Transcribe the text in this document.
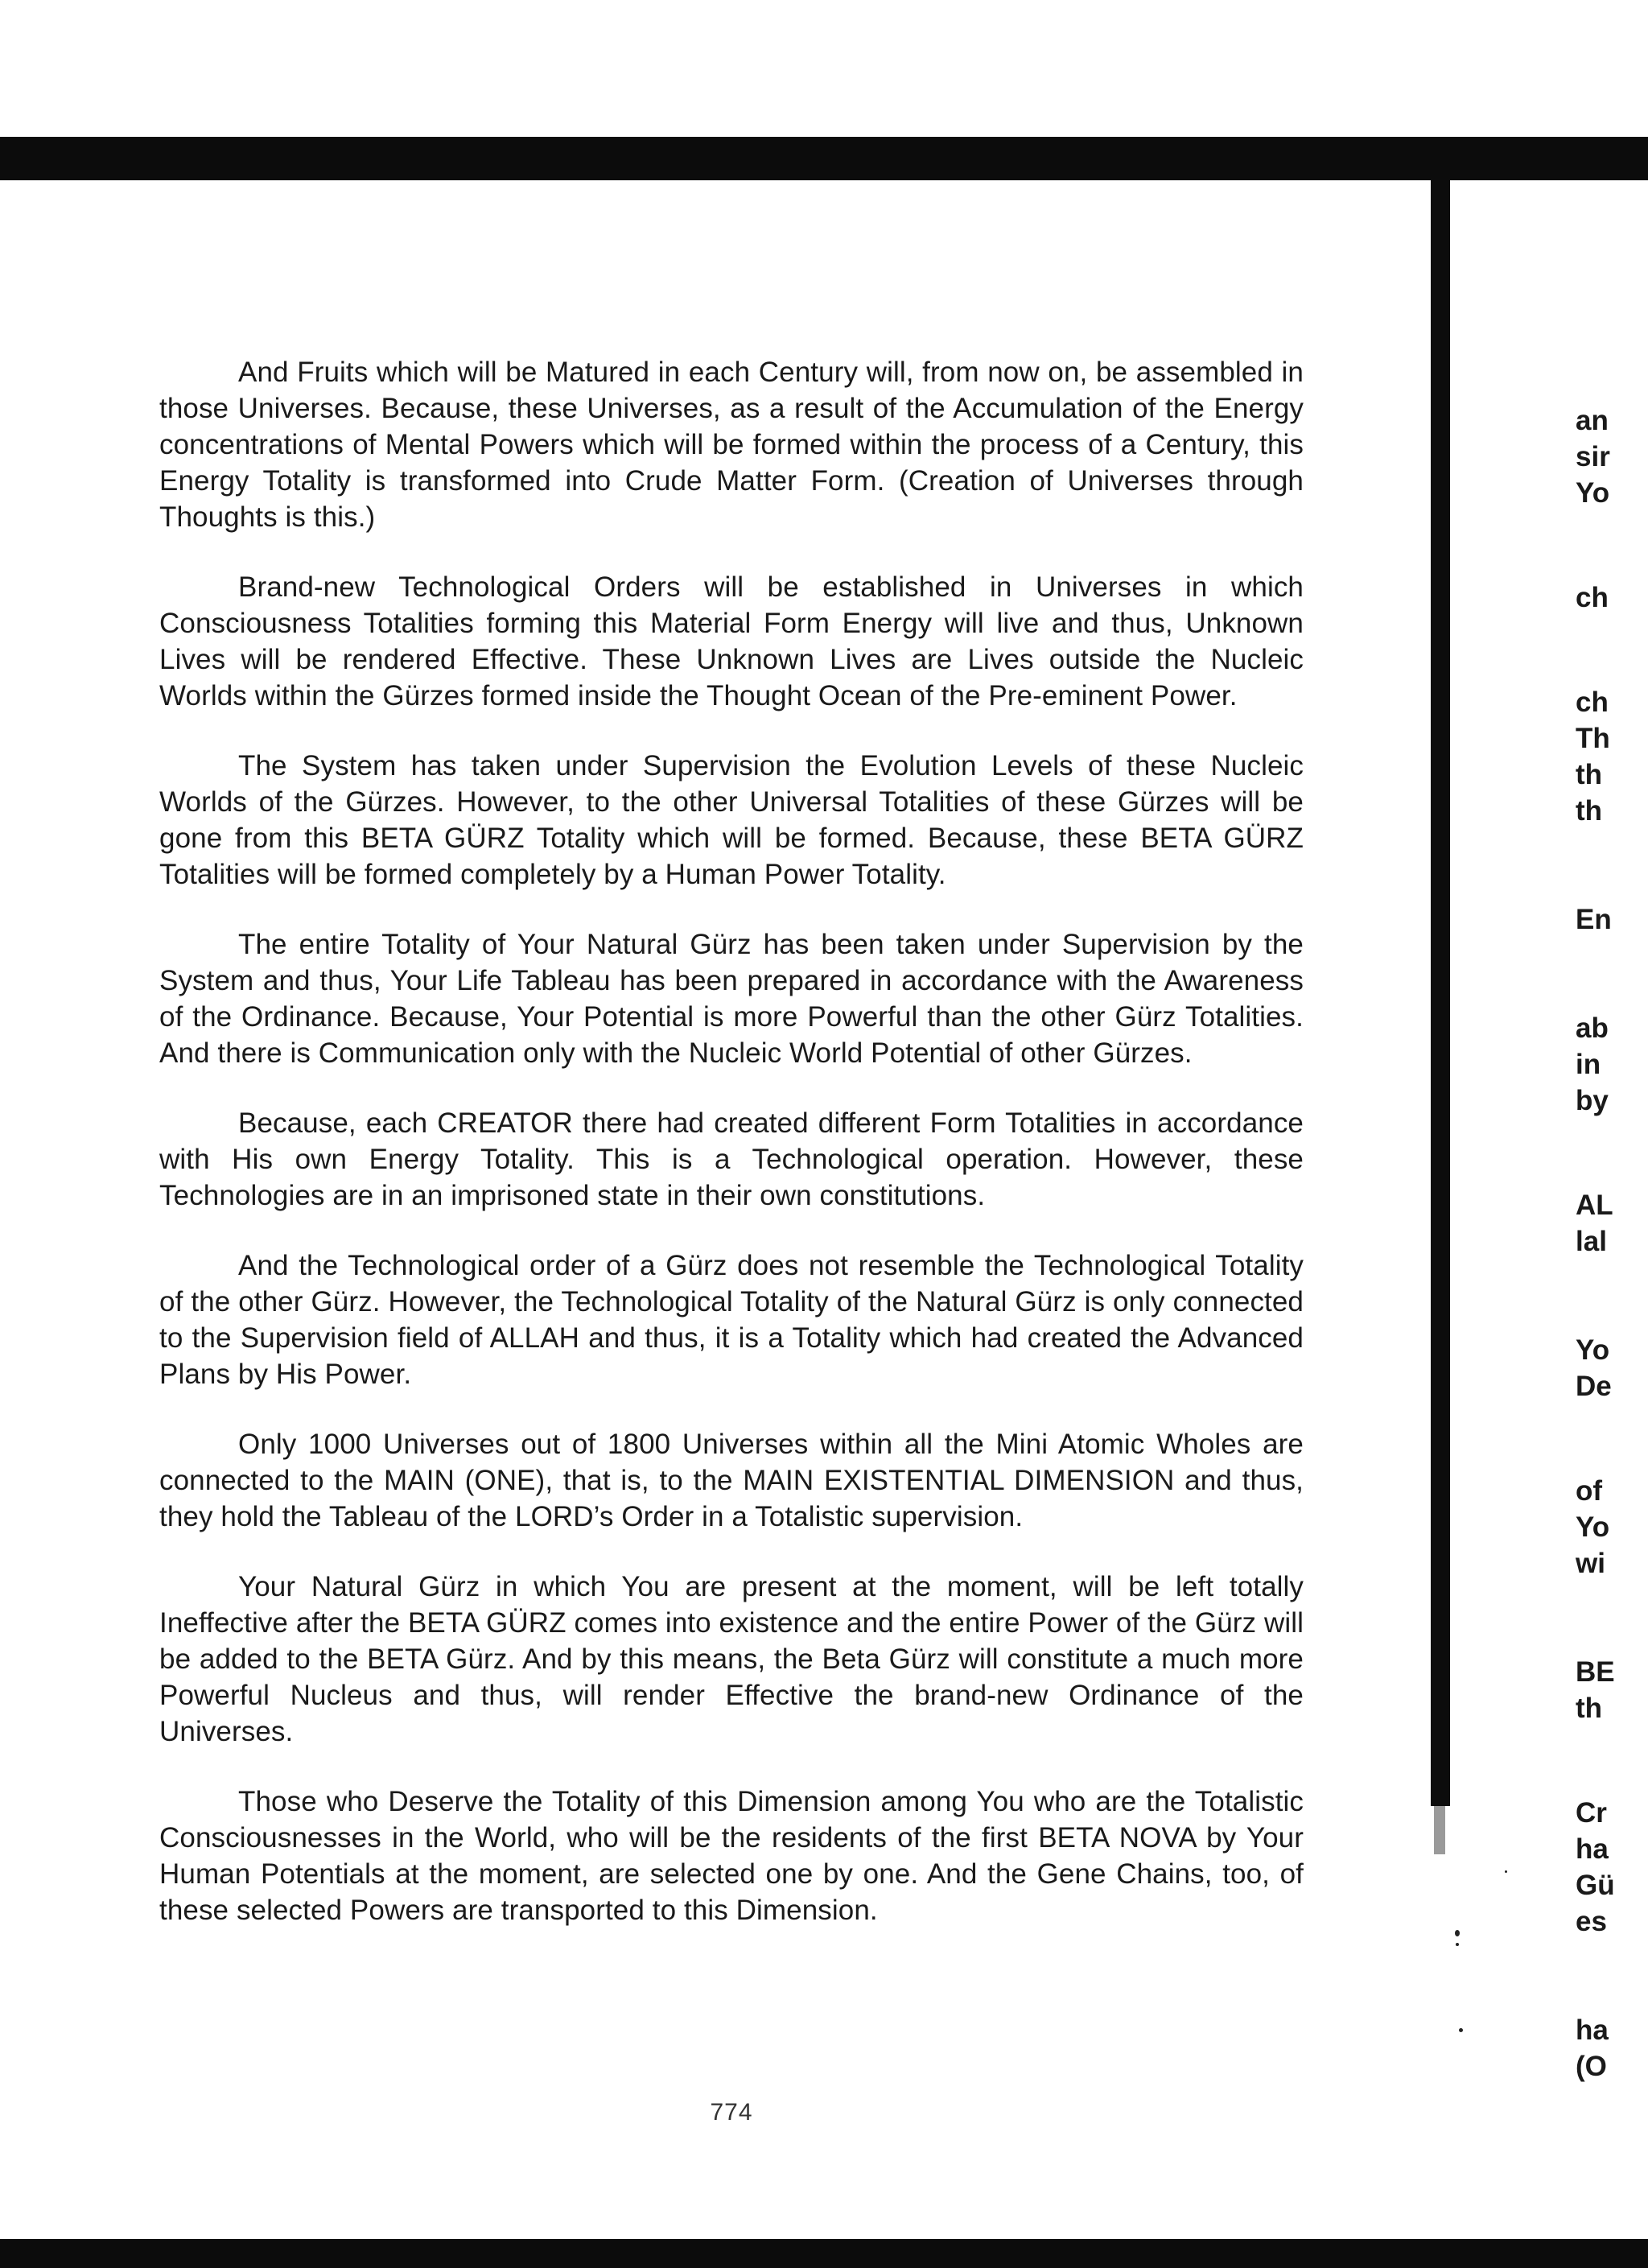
And Fruits which will be Matured in each Century will, from now on, be assembled in those Universes. Because, these Universes, as a result of the Accumulation of the Energy concentrations of Mental Powers which will be formed within the process of a Century, this Energy Totality is transformed into Crude Matter Form. (Creation of Universes through Thoughts is this.)

Brand-new Technological Orders will be established in Universes in which Consciousness Totalities forming this Material Form Energy will live and thus, Unknown Lives will be rendered Effective. These Unknown Lives are Lives outside the Nucleic Worlds within the Gürzes formed inside the Thought Ocean of the Pre-eminent Power.

The System has taken under Supervision the Evolution Levels of these Nucleic Worlds of the Gürzes. However, to the other Universal Totalities of these Gürzes will be gone from this BETA GÜRZ Totality which will be formed. Because, these BETA GÜRZ Totalities will be formed completely by a Human Power Totality.

The entire Totality of Your Natural Gürz has been taken under Supervision by the System and thus, Your Life Tableau has been prepared in accordance with the Awareness of the Ordinance. Because, Your Potential is more Powerful than the other Gürz Totalities. And there is Communication only with the Nucleic World Potential of other Gürzes.

Because, each CREATOR there had created different Form Totalities in accordance with His own Energy Totality. This is a Technological operation. However, these Technologies are in an imprisoned state in their own constitutions.

And the Technological order of a Gürz does not resemble the Technological Totality of the other Gürz. However, the Technological Totality of the Natural Gürz is only connected to the Supervision field of ALLAH and thus, it is a Totality which had created the Advanced Plans by His Power.

Only 1000 Universes out of 1800 Universes within all the Mini Atomic Wholes are connected to the MAIN (ONE), that is, to the MAIN EXISTENTIAL DIMENSION and thus, they hold the Tableau of the LORD’s Order in a Totalistic supervision.

Your Natural Gürz in which You are present at the moment, will be left totally Ineffective after the BETA GÜRZ comes into existence and the entire Power of the Gürz will be added to the BETA Gürz. And by this means, the Beta Gürz will constitute a much more Powerful Nucleus and thus, will render Effective the brand-new Ordinance of the Universes.

Those who Deserve the Totality of this Dimension among You who are the Totalistic Consciousnesses in the World, who will be the residents of the first BETA NOVA by Your Human Potentials at the moment, are selected one by one. And the Gene Chains, too, of these selected Powers are transported to this Dimension.

774
an
sir
Yo
ch
ch
Th
th
th
En
ab
in
by
AL
lal
Yo
De
of
Yo
wi
BE
th
Cr
ha
Gü
es
ha
(O
